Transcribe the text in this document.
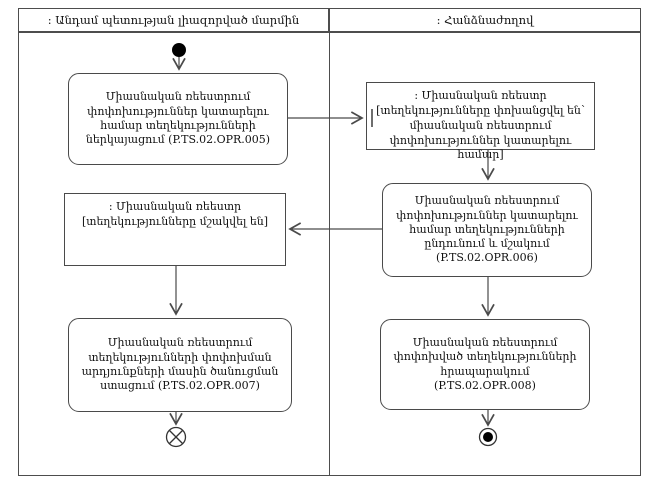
: Անդամ պետության լիազորված մարմին	: Հանձնաժողով
Միասնական ռեեստրում փոփոխություններ կատարելու համար տեղեկությունների ներկայացում (P.TS.02.OPR.005)
Միասնական ռեեստրում փոփոխություններ կատարելու համար տեղեկությունների ընդունում և մշակում (P.TS.02.OPR.006)
Միասնական ռեեստրում տեղեկությունների փոփոխման արդյունքների մասին ծանուցման ստացում (P.TS.02.OPR.007)
Միասնական ռեեստրում փոփոխված տեղեկությունների հրապարակում (P.TS.02.OPR.008)
: Միասնական ռեեստր [տեղեկությունները փոխանցվել են՝ միասնական ռեեստրում փոփոխություններ կատարելու համար]
: Միասնական ռեեստր [տեղեկությունները մշակվել են]
